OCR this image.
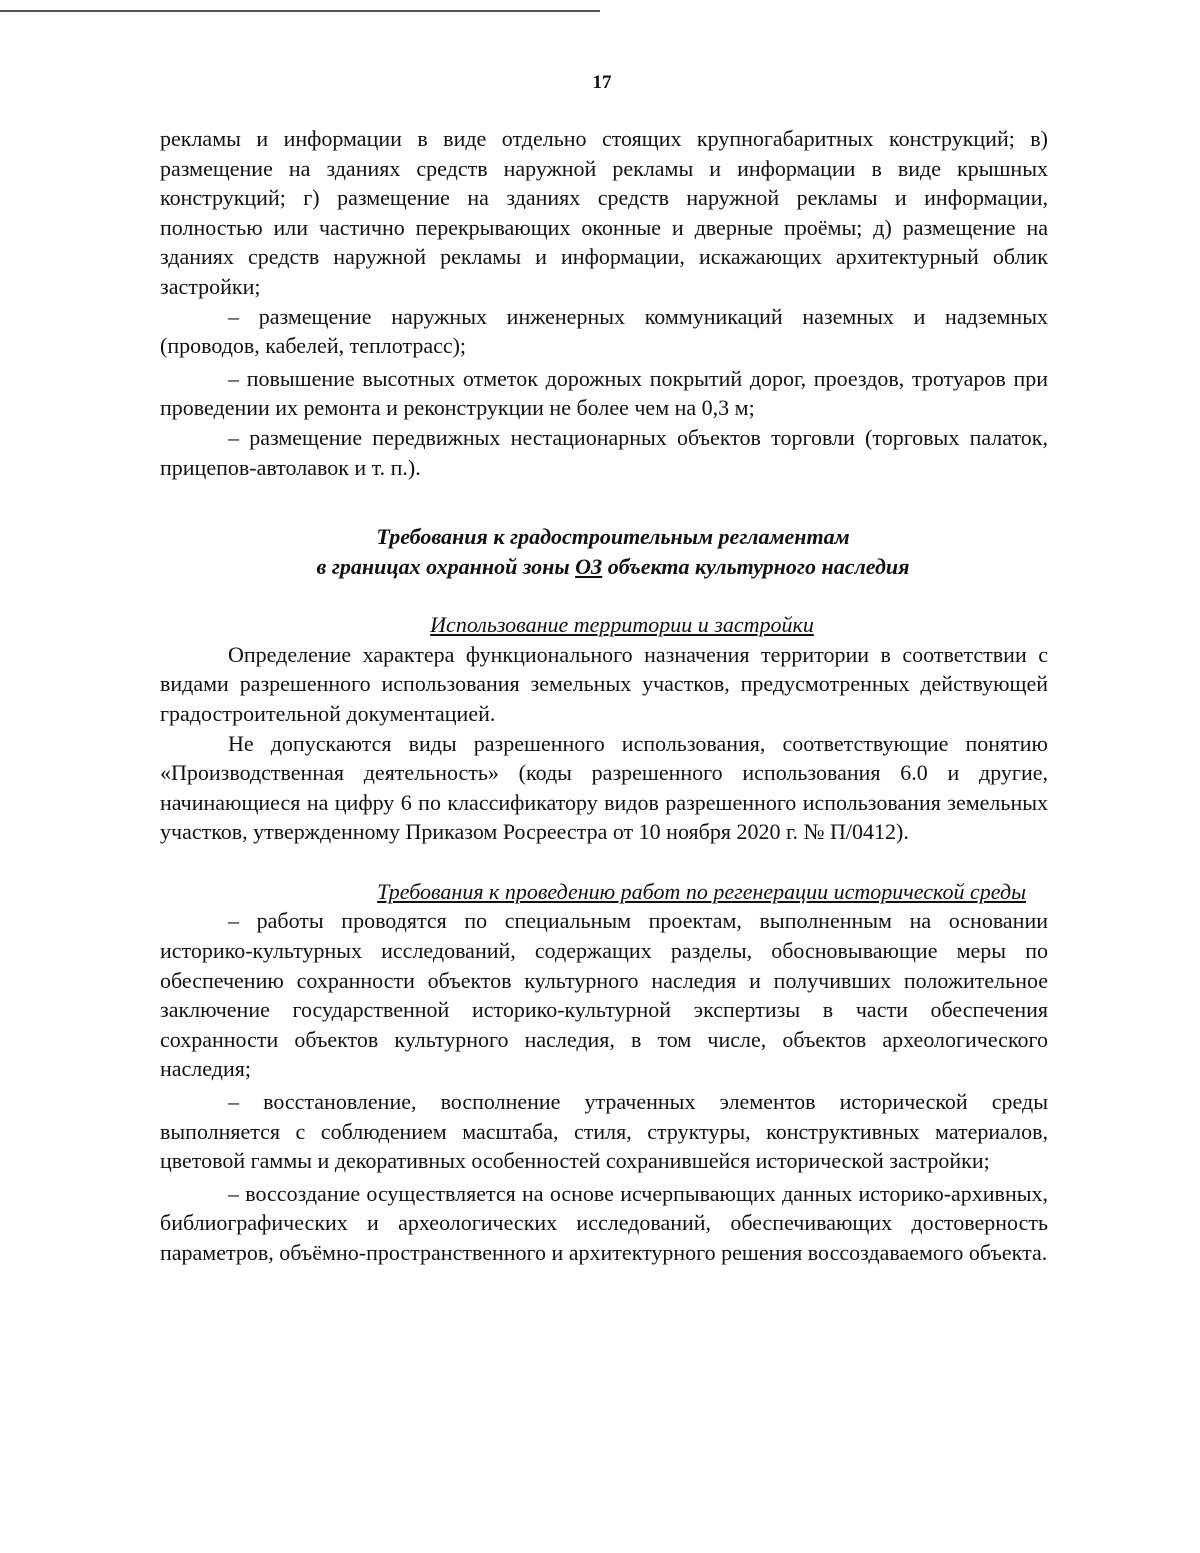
17

рекламы и информации в виде отдельно стоящих крупногабаритных конструкций; в) размещение на зданиях средств наружной рекламы и информации в виде крышных конструкций; г) размещение на зданиях средств наружной рекламы и информации, полностью или частично перекрывающих оконные и дверные проёмы; д) размещение на зданиях средств наружной рекламы и информации, искажающих архитектурный облик застройки;

– размещение наружных инженерных коммуникаций наземных и надземных (проводов, кабелей, теплотрасс);

– повышение высотных отметок дорожных покрытий дорог, проездов, тротуаров при проведении их ремонта и реконструкции не более чем на 0,3 м;

– размещение передвижных нестационарных объектов торговли (торговых палаток, прицепов-автолавок и т. п.).

Требования к градостроительным регламентам
в границах охранной зоны ОЗ объекта культурного наследия
Использование территории и застройки

Определение характера функционального назначения территории в соответствии с видами разрешенного использования земельных участков, предусмотренных действующей градостроительной документацией.

Не допускаются виды разрешенного использования, соответствующие понятию «Производственная деятельность» (коды разрешенного использования 6.0 и другие, начинающиеся на цифру 6 по классификатору видов разрешенного использования земельных участков, утвержденному Приказом Росреестра от 10 ноября 2020 г. № П/0412).

Требования к проведению работ по регенерации исторической среды

– работы проводятся по специальным проектам, выполненным на основании историко-культурных исследований, содержащих разделы, обосновывающие меры по обеспечению сохранности объектов культурного наследия и получивших положительное заключение государственной историко-культурной экспертизы в части обеспечения сохранности объектов культурного наследия, в том числе, объектов археологического наследия;

– восстановление, восполнение утраченных элементов исторической среды выполняется с соблюдением масштаба, стиля, структуры, конструктивных материалов, цветовой гаммы и декоративных особенностей сохранившейся исторической застройки;

– воссоздание осуществляется на основе исчерпывающих данных историко-архивных, библиографических и археологических исследований, обеспечивающих достоверность параметров, объёмно-пространственного и архитектурного решения воссоздаваемого объекта.
